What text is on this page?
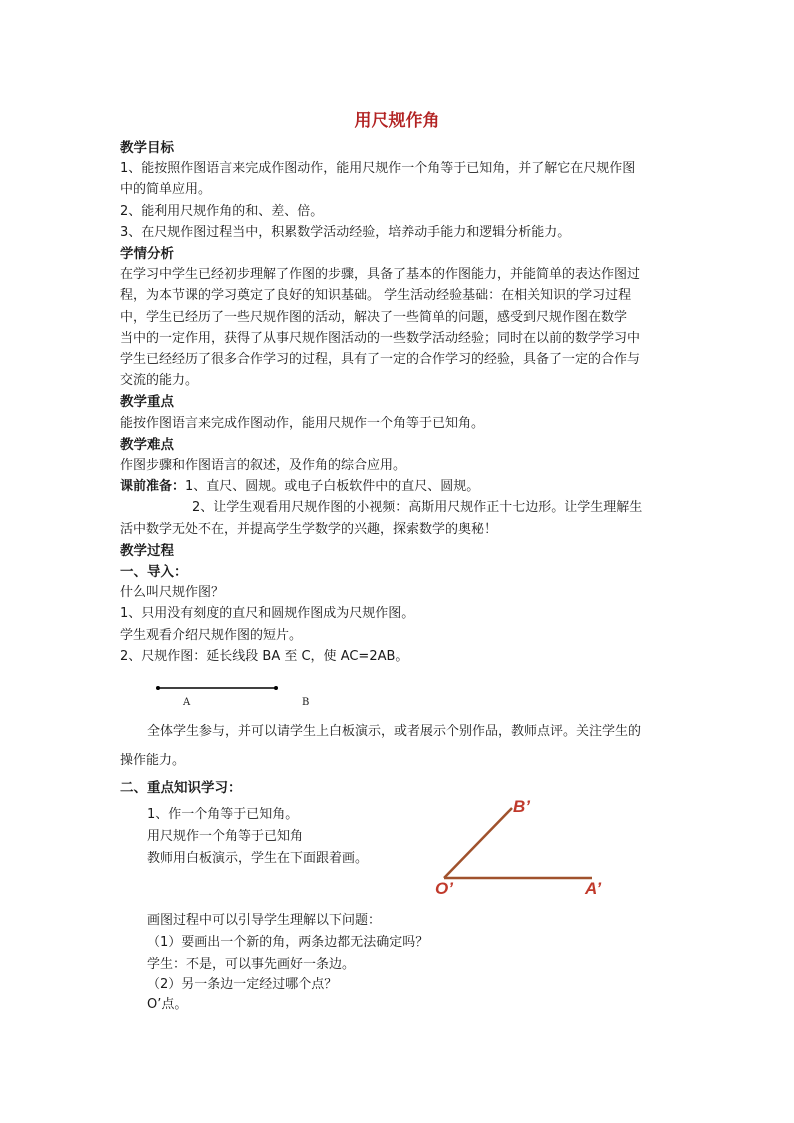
用尺规作角
教学目标
1、能按照作图语言来完成作图动作，能用尺规作一个角等于已知角，并了解它在尺规作图
中的简单应用。
2、能利用尺规作角的和、差、倍。
3、在尺规作图过程当中，积累数学活动经验，培养动手能力和逻辑分析能力。
学情分析
在学习中学生已经初步理解了作图的步骤，具备了基本的作图能力，并能简单的表达作图过
程，为本节课的学习奠定了良好的知识基础。 学生活动经验基础：在相关知识的学习过程
中，学生已经历了一些尺规作图的活动，解决了一些简单的问题，感受到尺规作图在数学
当中的一定作用，获得了从事尺规作图活动的一些数学活动经验；同时在以前的数学学习中
学生已经经历了很多合作学习的过程，具有了一定的合作学习的经验，具备了一定的合作与
交流的能力。
教学重点
能按作图语言来完成作图动作，能用尺规作一个角等于已知角。
教学难点
作图步骤和作图语言的叙述，及作角的综合应用。
课前准备：1、直尺、圆规。或电子白板软件中的直尺、圆规。
2、让学生观看用尺规作图的小视频：高斯用尺规作正十七边形。让学生理解生
活中数学无处不在，并提高学生学数学的兴趣，探索数学的奥秘！
教学过程
一、导入：
什么叫尺规作图？
1、只用没有刻度的直尺和圆规作图成为尺规作图。
学生观看介绍尺规作图的短片。
2、尺规作图：延长线段 BA 至 C，使 AC=2AB。
A	B
全体学生参与，并可以请学生上白板演示，或者展示个别作品，教师点评。关注学生的
操作能力。
二、重点知识学习：
1、作一个角等于已知角。
用尺规作一个角等于已知角
教师用白板演示，学生在下面跟着画。
画图过程中可以引导学生理解以下问题：
（1）要画出一个新的角，两条边都无法确定吗？
学生：不是，可以事先画好一条边。
（2）另一条边一定经过哪个点？
O’点。
B’
O’	A’
